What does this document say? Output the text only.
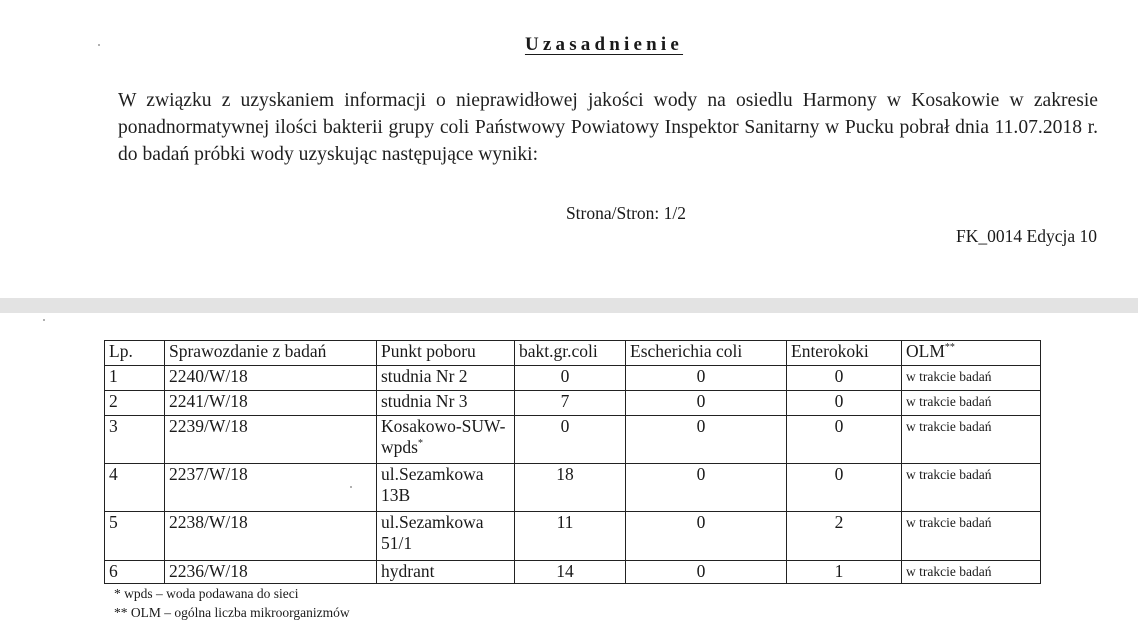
Uzasadnienie
W związku z uzyskaniem informacji o nieprawidłowej jakości wody na osiedlu Harmony w Kosakowie w zakresie ponadnormatywnej ilości bakterii grupy coli Państwowy Powiatowy Inspektor Sanitarny w Pucku pobrał dnia 11.07.2018 r. do badań próbki wody uzyskując następujące wyniki:
Strona/Stron: 1/2
FK_0014 Edycja 10
Lp.	Sprawozdanie z badań	Punkt poboru	bakt.gr.coli	Escherichia coli	Enterokoki	OLM**
1	2240/W/18	studnia Nr 2	0	0	0	w trakcie badań
2	2241/W/18	studnia Nr 3	7	0	0	w trakcie badań
3	2239/W/18	Kosakowo-SUW-wpds*	0	0	0	w trakcie badań
4	2237/W/18	ul.Sezamkowa 13B	18	0	0	w trakcie badań
5	2238/W/18	ul.Sezamkowa 51/1	11	0	2	w trakcie badań
6	2236/W/18	hydrant	14	0	1	w trakcie badań
* wpds – woda podawana do sieci
** OLM – ogólna liczba mikroorganizmów
